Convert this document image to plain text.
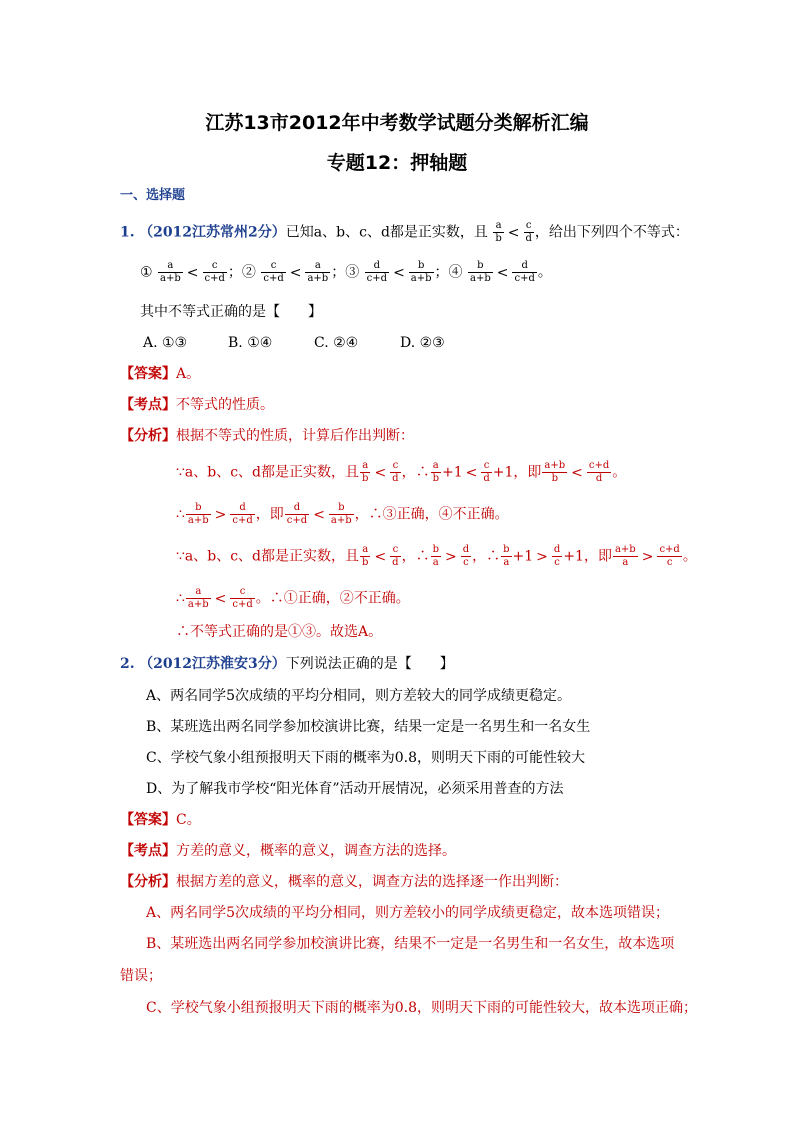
江苏13市2012年中考数学试题分类解析汇编
专题12：押轴题
一、选择题
1. （2012江苏常州2分）已知a、b、c、d都是正实数，且 $\frac{a}{b} < \frac{c}{d}$ ，给出下列四个不等式：
① $\frac{a}{a+b} < \frac{c}{c+d}$ ；② $\frac{c}{c+d} < \frac{a}{a+b}$ ；③ $\frac{d}{c+d} < \frac{b}{a+b}$ ；④ $\frac{b}{a+b} < \frac{d}{c+d}$ 。
其中不等式正确的是【　　】
A. ①③	B. ①④	C. ②④	D. ②③
【答案】A。
【考点】不等式的性质。
【分析】根据不等式的性质，计算后作出判断：
∵a、b、c、d都是正实数，且 $\frac{a}{b} < \frac{c}{d}$ ，∴ $\frac{a}{b} +1 < \frac{c}{d} +1$，即 $\frac{a+b}{b} < \frac{c+d}{d}$ 。
∴ $\frac{b}{a+b} > \frac{d}{c+d}$ ，即 $\frac{d}{c+d} < \frac{b}{a+b}$ ，∴③正确，④不正确。
∵a、b、c、d都是正实数，且 $\frac{a}{b} < \frac{c}{d}$ ，∴ $\frac{b}{a} > \frac{d}{c}$ ，∴ $\frac{b}{a} +1 > \frac{d}{c} +1$，即 $\frac{a+b}{a} > \frac{c+d}{c}$ 。
∴ $\frac{a}{a+b} < \frac{c}{c+d}$ 。∴①正确，②不正确。
∴不等式正确的是①③。故选A。
2. （2012江苏淮安3分）下列说法正确的是【　　】
A、两名同学5次成绩的平均分相同，则方差较大的同学成绩更稳定。
B、某班选出两名同学参加校演讲比赛，结果一定是一名男生和一名女生
C、学校气象小组预报明天下雨的概率为0.8，则明天下雨的可能性较大
D、为了解我市学校“阳光体育”活动开展情况，必须采用普查的方法
【答案】C。
【考点】方差的意义，概率的意义，调查方法的选择。
【分析】根据方差的意义，概率的意义，调查方法的选择逐一作出判断：
A、两名同学5次成绩的平均分相同，则方差较小的同学成绩更稳定，故本选项错误；
B、某班选出两名同学参加校演讲比赛，结果不一定是一名男生和一名女生，故本选项
错误；
C、学校气象小组预报明天下雨的概率为0.8，则明天下雨的可能性较大，故本选项正确；
